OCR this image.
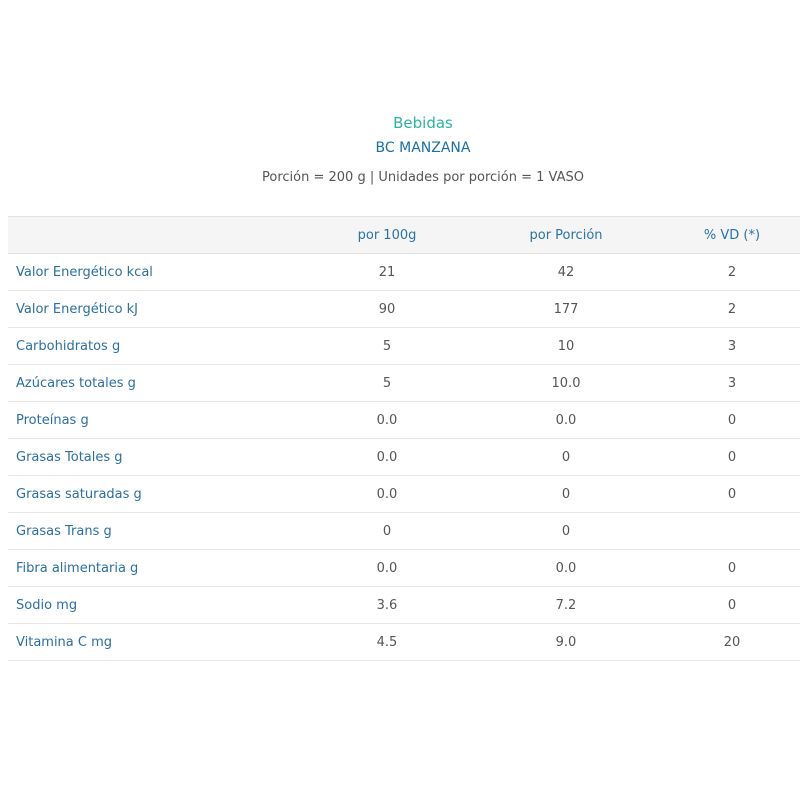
Bebidas
BC MANZANA
Porción = 200 g | Unidades por porción = 1 VASO
	por 100g	por Porción	% VD (*)
Valor Energético kcal	21	42	2
Valor Energético kJ	90	177	2
Carbohidratos g	5	10	3
Azúcares totales g	5	10.0	3
Proteínas g	0.0	0.0	0
Grasas Totales g	0.0	0	0
Grasas saturadas g	0.0	0	0
Grasas Trans g	0	0	
Fibra alimentaria g	0.0	0.0	0
Sodio mg	3.6	7.2	0
Vitamina C mg	4.5	9.0	20
